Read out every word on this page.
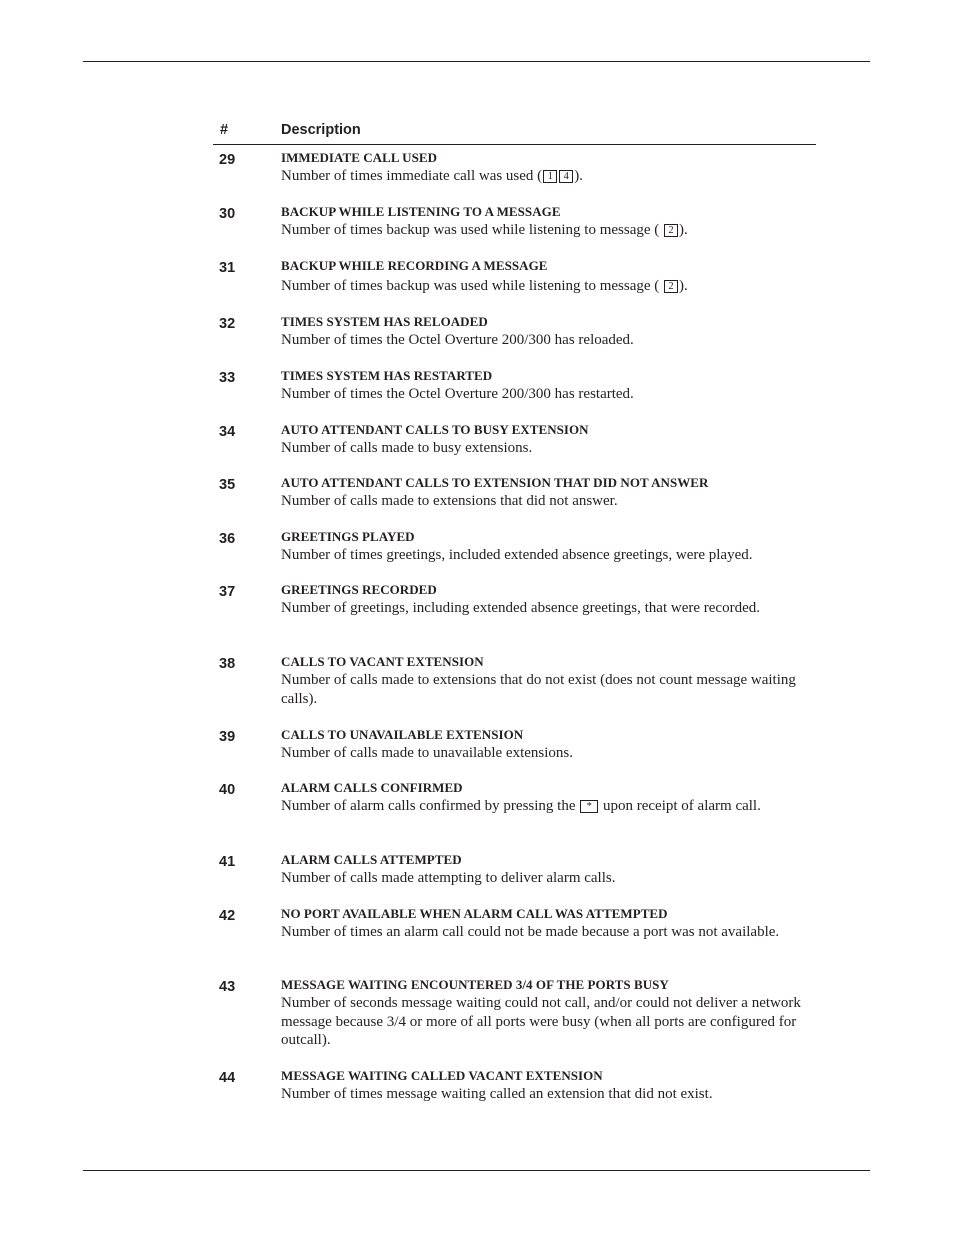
#	Description
29	IMMEDIATE CALL USED
Number of times immediate call was used ( 1 4 ).
30	BACKUP WHILE LISTENING TO A MESSAGE
Number of times backup was used while listening to message ( 2 ).
31	BACKUP WHILE RECORDING A MESSAGE
Number of times backup was used while listening to message ( 2 ).
32	TIMES SYSTEM HAS RELOADED
Number of times the Octel Overture 200/300 has reloaded.
33	TIMES SYSTEM HAS RESTARTED
Number of times the Octel Overture 200/300 has restarted.
34	AUTO ATTENDANT CALLS TO BUSY EXTENSION
Number of calls made to busy extensions.
35	AUTO ATTENDANT CALLS TO EXTENSION THAT DID NOT ANSWER
Number of calls made to extensions that did not answer.
36	GREETINGS PLAYED
Number of times greetings, included extended absence greetings, were played.
37	GREETINGS RECORDED
Number of greetings, including extended absence greetings, that were recorded.
38	CALLS TO VACANT EXTENSION
Number of calls made to extensions that do not exist (does not count message waiting calls).
39	CALLS TO UNAVAILABLE EXTENSION
Number of calls made to unavailable extensions.
40	ALARM CALLS CONFIRMED
Number of alarm calls confirmed by pressing the * upon receipt of alarm call.
41	ALARM CALLS ATTEMPTED
Number of calls made attempting to deliver alarm calls.
42	NO PORT AVAILABLE WHEN ALARM CALL WAS ATTEMPTED
Number of times an alarm call could not be made because a port was not available.
43	MESSAGE WAITING ENCOUNTERED 3/4 OF THE PORTS BUSY
Number of seconds message waiting could not call, and/or could not deliver a network message because 3/4 or more of all ports were busy (when all ports are configured for outcall).
44	MESSAGE WAITING CALLED VACANT EXTENSION
Number of times message waiting called an extension that did not exist.
